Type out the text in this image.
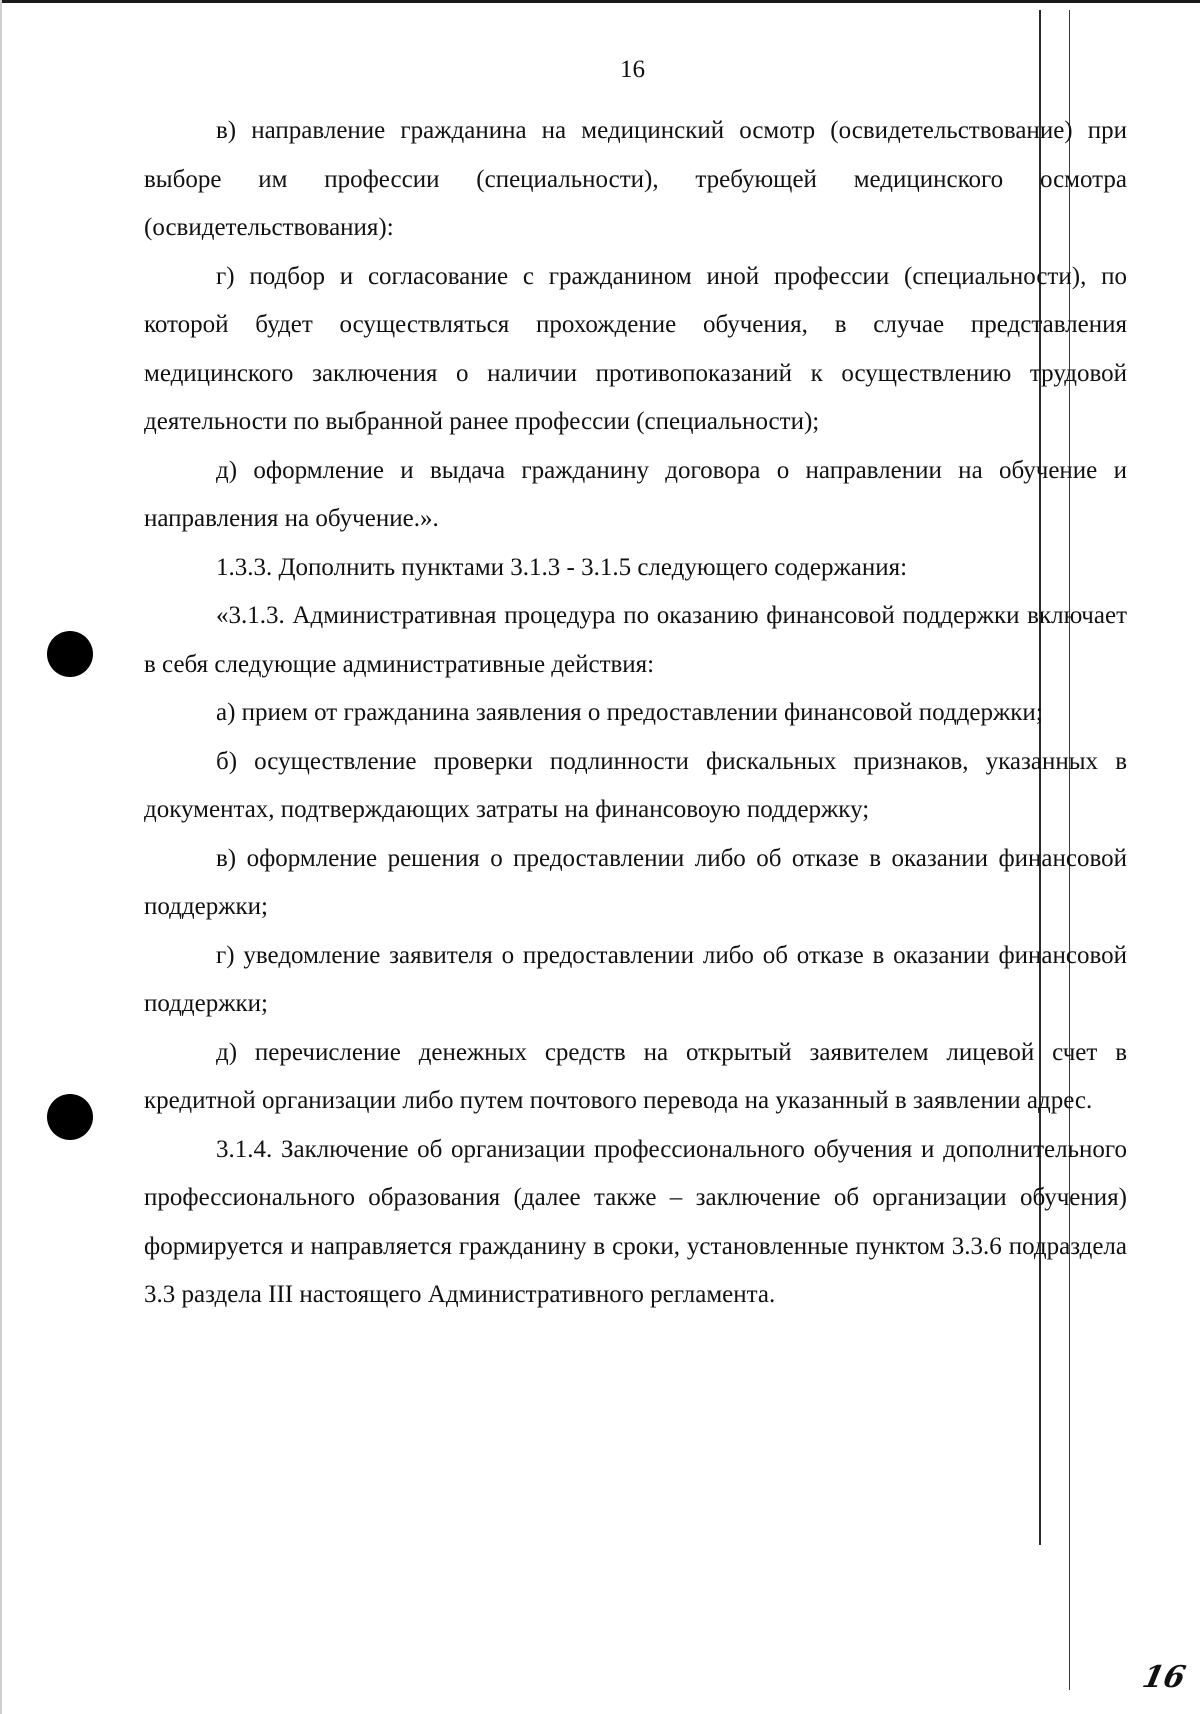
16

в) направление гражданина на медицинский осмотр (освидетельствование) при выборе им профессии (специальности), требующей медицинского осмотра (освидетельствования):

г) подбор и согласование с гражданином иной профессии (специальности), по которой будет осуществляться прохождение обучения, в случае представления медицинского заключения о наличии противопоказаний к осуществлению трудовой деятельности по выбранной ранее профессии (специальности);

д) оформление и выдача гражданину договора о направлении на обучение и направления на обучение.».

1.3.3. Дополнить пунктами 3.1.3 - 3.1.5 следующего содержания:

«3.1.3. Административная процедура по оказанию финансовой поддержки включает в себя следующие административные действия:

а) прием от гражданина заявления о предоставлении финансовой поддержки;

б) осуществление проверки подлинности фискальных признаков, указанных в документах, подтверждающих затраты на финансовоую поддержку;

в) оформление решения о предоставлении либо об отказе в оказании финансовой поддержки;

г) уведомление заявителя о предоставлении либо об отказе в оказании финансовой поддержки;

д) перечисление денежных средств на открытый заявителем лицевой счет в кредитной организации либо путем почтового перевода на указанный в заявлении адрес.

3.1.4. Заключение об организации профессионального обучения и дополнительного профессионального образования (далее также – заключение об организации обучения) формируется и направляется гражданину в сроки, установленные пунктом 3.3.6 подраздела 3.3 раздела III настоящего Административного регламента.

16
